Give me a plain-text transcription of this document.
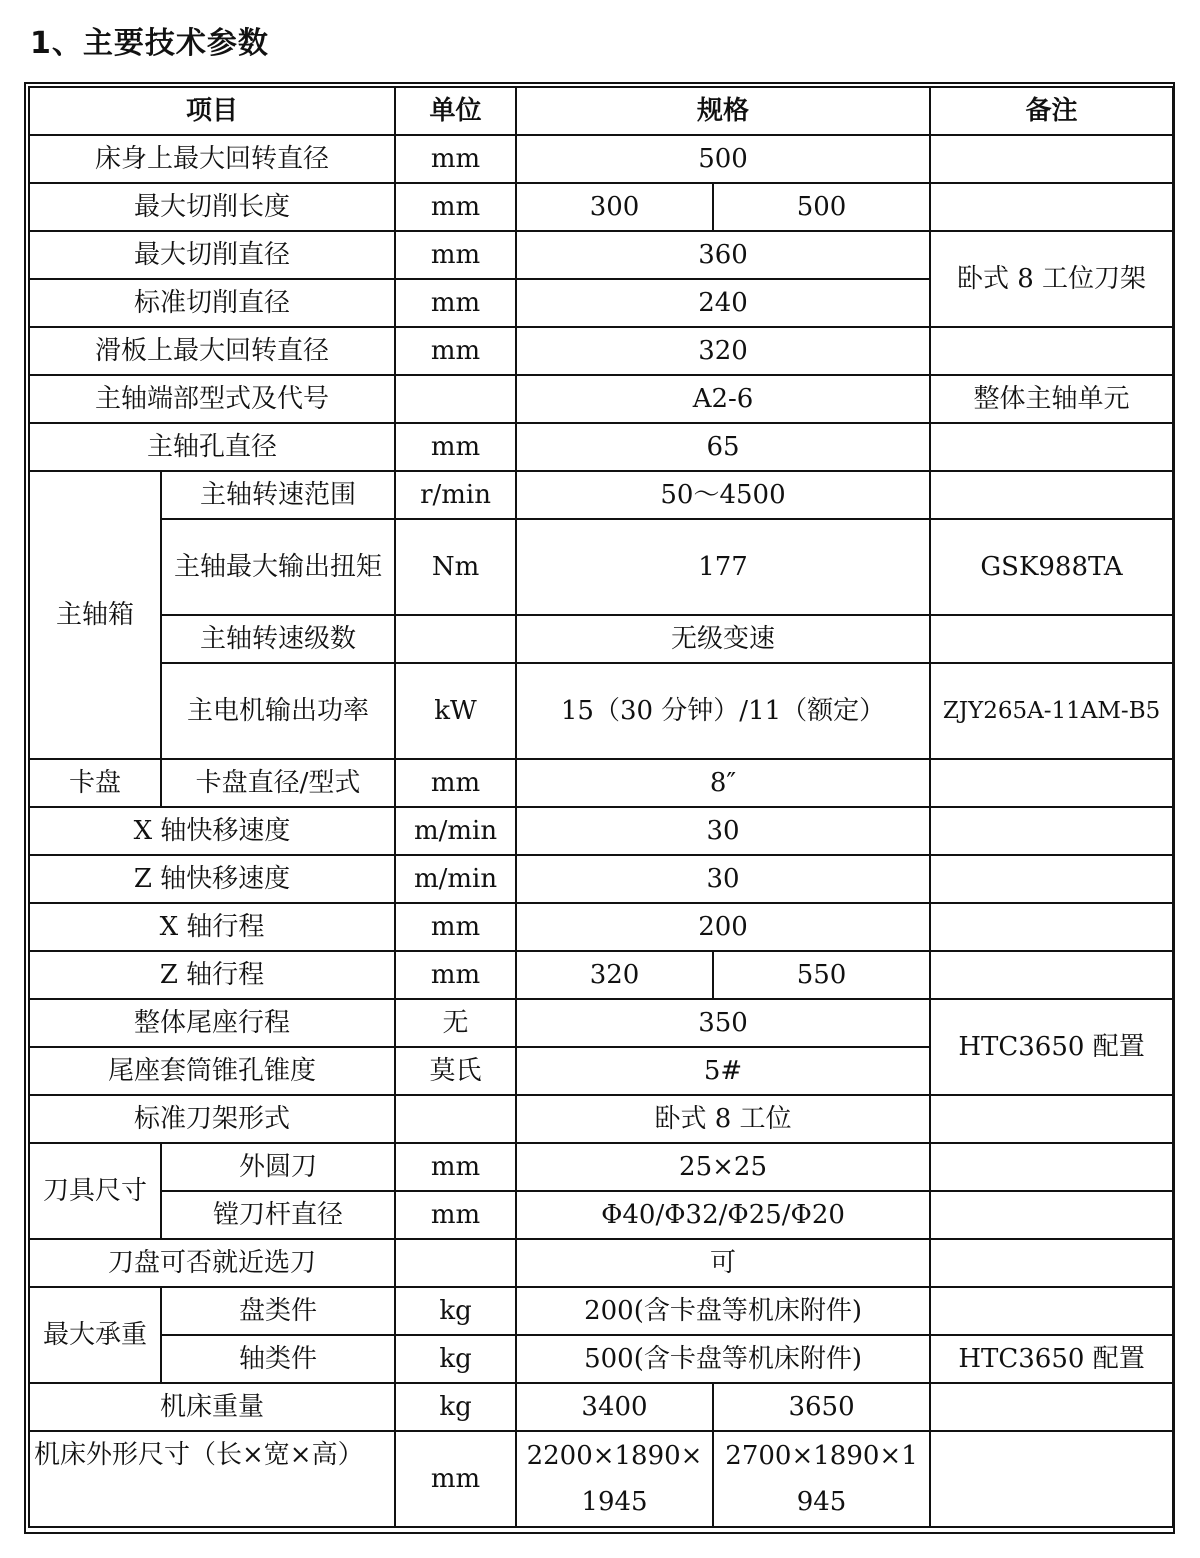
1、主要技术参数
项目		单位	规格		备注
床身上最大回转直径		mm	500		
最大切削长度		mm	300	500	
最大切削直径		mm	360		卧式 8 工位刀架
标准切削直径		mm	240		
滑板上最大回转直径		mm	320		
主轴端部型式及代号			A2-6		整体主轴单元
主轴孔直径		mm	65		
主轴箱	主轴转速范围	r/min	50～4500		
	主轴最大输出扭矩	Nm	177		GSK988TA
	主轴转速级数		无级变速		
	主电机输出功率	kW	15（30 分钟）/11（额定）		ZJY265A-11AM-B5
卡盘	卡盘直径/型式	mm	8″		
X 轴快移速度		m/min	30		
Z 轴快移速度		m/min	30		
X 轴行程		mm	200		
Z 轴行程		mm	320	550	
整体尾座行程		无	350		HTC3650 配置
尾座套筒锥孔锥度		莫氏	5#		
标准刀架形式			卧式 8 工位		
刀具尺寸	外圆刀	mm	25×25		
	镗刀杆直径	mm	Φ40/Φ32/Φ25/Φ20		
刀盘可否就近选刀			可		
最大承重	盘类件	kg	200(含卡盘等机床附件)		
	轴类件	kg	500(含卡盘等机床附件)		HTC3650 配置
机床重量		kg	3400	3650	
机床外形尺寸（长×宽×高）		mm	2200×1890×1945	2700×1890×1945	
